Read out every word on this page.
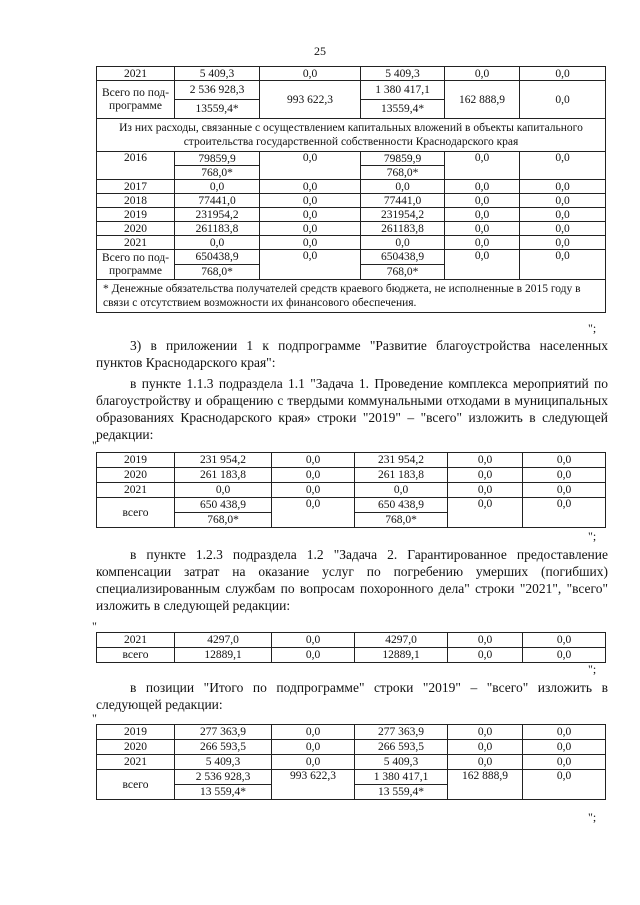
25
2021	5 409,3	0,0	5 409,3	0,0	0,0
Всего по под-программе	2 536 928,3	993 622,3	1 380 417,1	162 888,9	0,0
	13559,4*		13559,4*		
Из них расходы, связанные с осуществлением капитальных вложений в объекты капитального строительства государственной собственности Краснодарского края					
2016	79859,9	0,0	79859,9	0,0	0,0
	768,0*		768,0*		
2017	0,0	0,0	0,0	0,0	0,0
2018	77441,0	0,0	77441,0	0,0	0,0
2019	231954,2	0,0	231954,2	0,0	0,0
2020	261183,8	0,0	261183,8	0,0	0,0
2021	0,0	0,0	0,0	0,0	0,0
Всего по под-программе	650438,9	0,0	650438,9	0,0	0,0
	768,0*		768,0*		
* Денежные обязательства получателей средств краевого бюджета, не исполненные в 2015 году в связи с отсутствием возможности их финансового обеспечения.					
";
3) в приложении 1 к подпрограмме "Развитие благоустройства населенных пунктов Краснодарского края":
в пункте 1.1.3 подраздела 1.1 "Задача 1. Проведение комплекса мероприятий по благоустройству и обращению с твердыми коммунальными отходами в муниципальных образованиях Краснодарского края» строки "2019" – "всего" изложить в следующей редакции:
"
2019	231 954,2	0,0	231 954,2	0,0	0,0
2020	261 183,8	0,0	261 183,8	0,0	0,0
2021	0,0	0,0	0,0	0,0	0,0
всего	650 438,9	0,0	650 438,9	0,0	0,0
	768,0*		768,0*		
";
в пункте 1.2.3 подраздела 1.2 "Задача 2. Гарантированное предоставление компенсации затрат на оказание услуг по погребению умерших (погибших) специализированным службам по вопросам похоронного дела" строки "2021", "всего" изложить в следующей редакции:
"
2021	4297,0	0,0	4297,0	0,0	0,0
всего	12889,1	0,0	12889,1	0,0	0,0
";
в позиции "Итого по подпрограмме" строки "2019" – "всего" изложить в следующей редакции:
"
2019	277 363,9	0,0	277 363,9	0,0	0,0
2020	266 593,5	0,0	266 593,5	0,0	0,0
2021	5 409,3	0,0	5 409,3	0,0	0,0
всего	2 536 928,3	993 622,3	1 380 417,1	162 888,9	0,0
	13 559,4*		13 559,4*		
";
